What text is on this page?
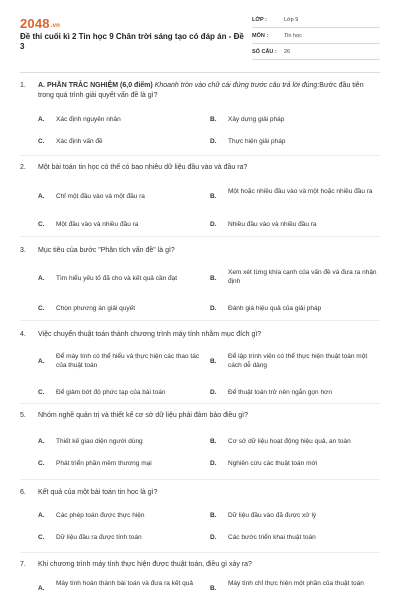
2048.vn
Đề thi cuối kì 2 Tin học 9 Chân trời sáng tạo có đáp án - Đề 3
LỚP :	Lớp 9
MÔN :	Tin học
SỐ CÂU : 26
1. A. PHẦN TRẮC NGHIỆM (6,0 điểm) Khoanh tròn vào chữ cái đứng trước câu trả lời đúng:Bước đầu tiên trong quá trình giải quyết vấn đề là gì?
A. Xác định nguyên nhân	B. Xây dựng giải pháp
C. Xác định vấn đề	D. Thực hiện giải pháp
2. Một bài toán tin học có thể có bao nhiêu dữ liệu đầu vào và đầu ra?
A. Chỉ một đầu vào và một đầu ra	B.
Một hoặc nhiều đầu vào và một hoặc nhiều đầu ra
C. Một đầu vào và nhiều đầu ra	D. Nhiều đầu vào và nhiều đầu ra
3. Mục tiêu của bước "Phân tích vấn đề" là gì?
A. Tìm hiểu yếu tố đã cho và kết quả cần đạt	B.
Xem xét từng khía cạnh của vấn đề và đưa ra nhận định
C. Chọn phương án giải quyết	D. Đánh giá hiệu quả của giải pháp
4. Việc chuyển thuật toán thành chương trình máy tính nhằm mục đích gì?
A.
Để máy tính có thể hiểu và thực hiện các thao tác của thuật toán
B.
Để lập trình viên có thể thực hiện thuật toán một cách dễ dàng
C. Để giảm bớt độ phức tạp của bài toán	D. Để thuật toán trở nên ngắn gọn hơn
5. Nhóm nghề quản trị và thiết kế cơ sở dữ liệu phải đảm bảo điều gì?
A. Thiết kế giao diện người dùng	B. Cơ sở dữ liệu hoạt động hiệu quả, an toàn
C. Phát triển phần mềm thương mại	D. Nghiên cứu các thuật toán mới
6. Kết quả của một bài toán tin học là gì?
A. Các phép toán được thực hiện	B. Dữ liệu đầu vào đã được xử lý
C. Dữ liệu đầu ra được tính toán	D. Các bước triển khai thuật toán
7. Khi chương trình máy tính thực hiện được thuật toán, điều gì xảy ra?
A.
Máy tính hoàn thành bài toán và đưa ra kết quả
B.
Máy tính chỉ thực hiện một phần của thuật toán
